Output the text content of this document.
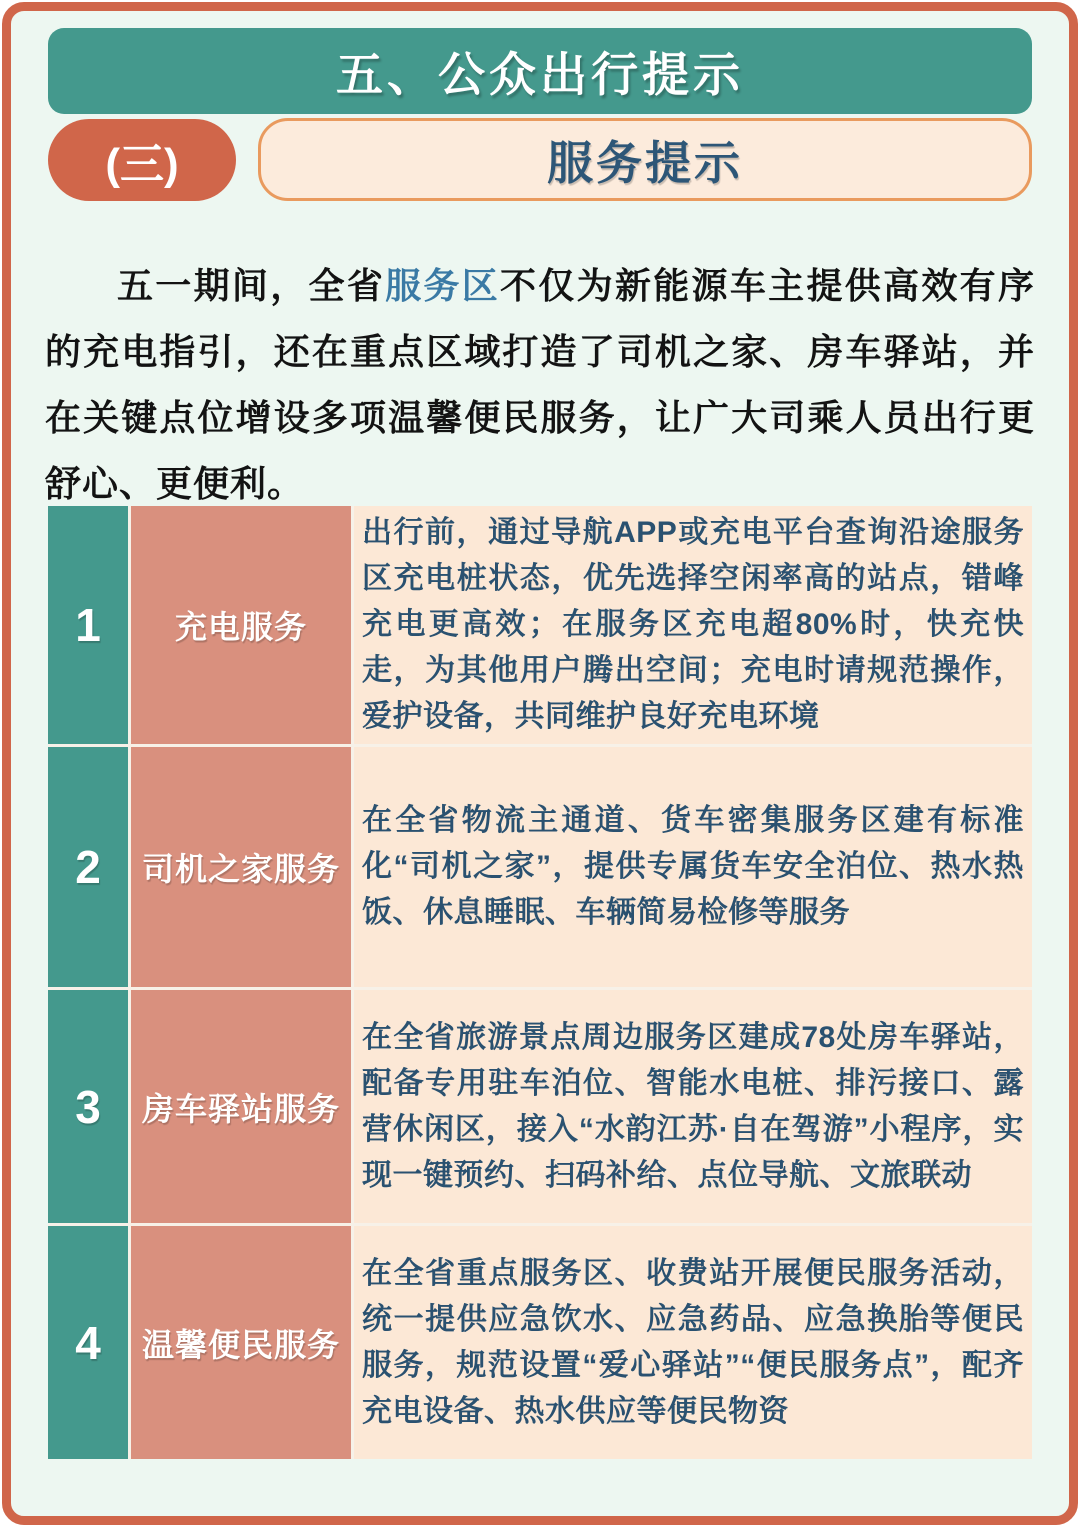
五、公众出行提示
(三)	服务提示

五一期间，全省服务区不仅为新能源车主提供高效有序的充电指引，还在重点区域打造了司机之家、房车驿站，并在关键点位增设多项温馨便民服务，让广大司乘人员出行更舒心、更便利。

1 充电服务
出行前，通过导航APP或充电平台查询沿途服务区充电桩状态，优先选择空闲率高的站点，错峰充电更高效；在服务区充电超80%时，快充快走，为其他用户腾出空间；充电时请规范操作，爱护设备，共同维护良好充电环境
2 司机之家服务
在全省物流主通道、货车密集服务区建有标准化“司机之家”，提供专属货车安全泊位、热水热饭、休息睡眠、车辆简易检修等服务
3 房车驿站服务
在全省旅游景点周边服务区建成78处房车驿站，配备专用驻车泊位、智能水电桩、排污接口、露营休闲区，接入“水韵江苏·自在驾游”小程序，实现一键预约、扫码补给、点位导航、文旅联动
4 温馨便民服务
在全省重点服务区、收费站开展便民服务活动，统一提供应急饮水、应急药品、应急换胎等便民服务，规范设置“爱心驿站”“便民服务点”，配齐充电设备、热水供应等便民物资
